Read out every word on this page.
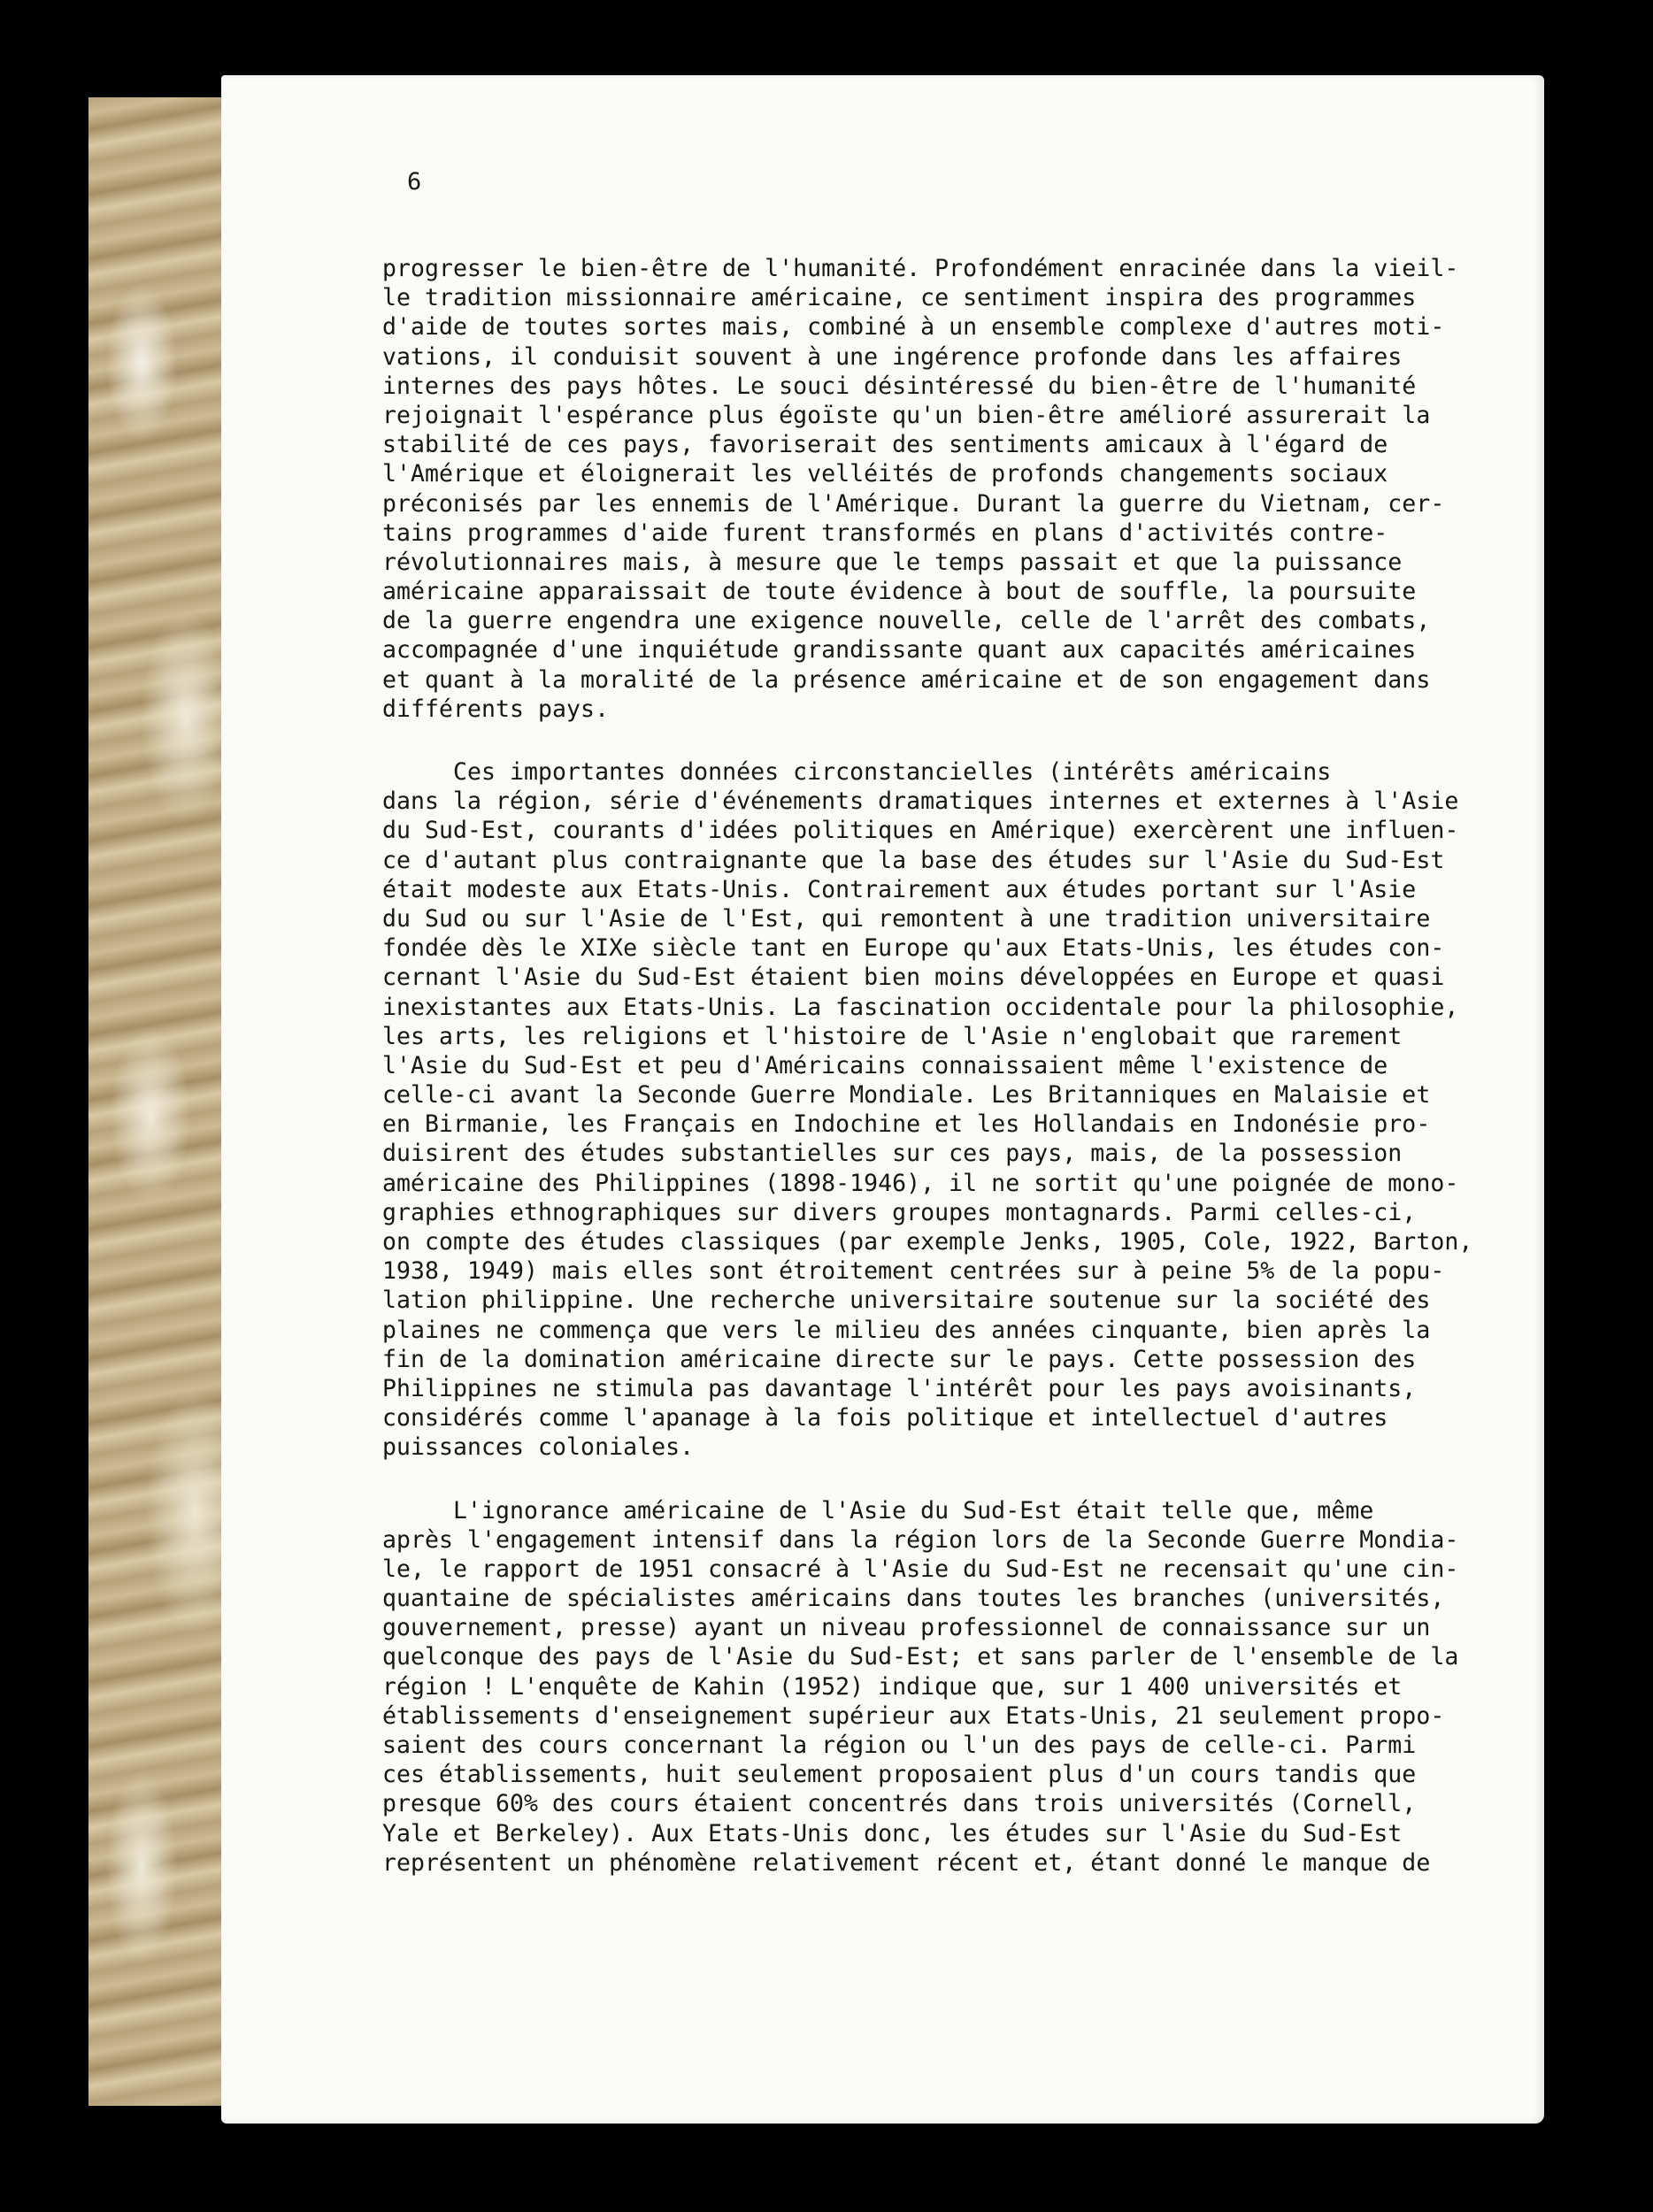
6
progresser le bien-être de l'humanité. Profondément enracinée dans la vieil-
le tradition missionnaire américaine, ce sentiment inspira des programmes
d'aide de toutes sortes mais, combiné à un ensemble complexe d'autres moti-
vations, il conduisit souvent à une ingérence profonde dans les affaires
internes des pays hôtes. Le souci désintéressé du bien-être de l'humanité
rejoignait l'espérance plus égoïste qu'un bien-être amélioré assurerait la
stabilité de ces pays, favoriserait des sentiments amicaux à l'égard de
l'Amérique et éloignerait les velléités de profonds changements sociaux
préconisés par les ennemis de l'Amérique. Durant la guerre du Vietnam, cer-
tains programmes d'aide furent transformés en plans d'activités contre-
révolutionnaires mais, à mesure que le temps passait et que la puissance
américaine apparaissait de toute évidence à bout de souffle, la poursuite
de la guerre engendra une exigence nouvelle, celle de l'arrêt des combats,
accompagnée d'une inquiétude grandissante quant aux capacités américaines
et quant à la moralité de la présence américaine et de son engagement dans
différents pays.
Ces importantes données circonstancielles (intérêts américains
dans la région, série d'événements dramatiques internes et externes à l'Asie
du Sud-Est, courants d'idées politiques en Amérique) exercèrent une influen-
ce d'autant plus contraignante que la base des études sur l'Asie du Sud-Est
était modeste aux Etats-Unis. Contrairement aux études portant sur l'Asie
du Sud ou sur l'Asie de l'Est, qui remontent à une tradition universitaire
fondée dès le XIXe siècle tant en Europe qu'aux Etats-Unis, les études con-
cernant l'Asie du Sud-Est étaient bien moins développées en Europe et quasi
inexistantes aux Etats-Unis. La fascination occidentale pour la philosophie,
les arts, les religions et l'histoire de l'Asie n'englobait que rarement
l'Asie du Sud-Est et peu d'Américains connaissaient même l'existence de
celle-ci avant la Seconde Guerre Mondiale. Les Britanniques en Malaisie et
en Birmanie, les Français en Indochine et les Hollandais en Indonésie pro-
duisirent des études substantielles sur ces pays, mais, de la possession
américaine des Philippines (1898-1946), il ne sortit qu'une poignée de mono-
graphies ethnographiques sur divers groupes montagnards. Parmi celles-ci,
on compte des études classiques (par exemple Jenks, 1905, Cole, 1922, Barton,
1938, 1949) mais elles sont étroitement centrées sur à peine 5% de la popu-
lation philippine. Une recherche universitaire soutenue sur la société des
plaines ne commença que vers le milieu des années cinquante, bien après la
fin de la domination américaine directe sur le pays. Cette possession des
Philippines ne stimula pas davantage l'intérêt pour les pays avoisinants,
considérés comme l'apanage à la fois politique et intellectuel d'autres
puissances coloniales.
L'ignorance américaine de l'Asie du Sud-Est était telle que, même
après l'engagement intensif dans la région lors de la Seconde Guerre Mondia-
le, le rapport de 1951 consacré à l'Asie du Sud-Est ne recensait qu'une cin-
quantaine de spécialistes américains dans toutes les branches (universités,
gouvernement, presse) ayant un niveau professionnel de connaissance sur un
quelconque des pays de l'Asie du Sud-Est; et sans parler de l'ensemble de la
région ! L'enquête de Kahin (1952) indique que, sur 1 400 universités et
établissements d'enseignement supérieur aux Etats-Unis, 21 seulement propo-
saient des cours concernant la région ou l'un des pays de celle-ci. Parmi
ces établissements, huit seulement proposaient plus d'un cours tandis que
presque 60% des cours étaient concentrés dans trois universités (Cornell,
Yale et Berkeley). Aux Etats-Unis donc, les études sur l'Asie du Sud-Est
représentent un phénomène relativement récent et, étant donné le manque de
